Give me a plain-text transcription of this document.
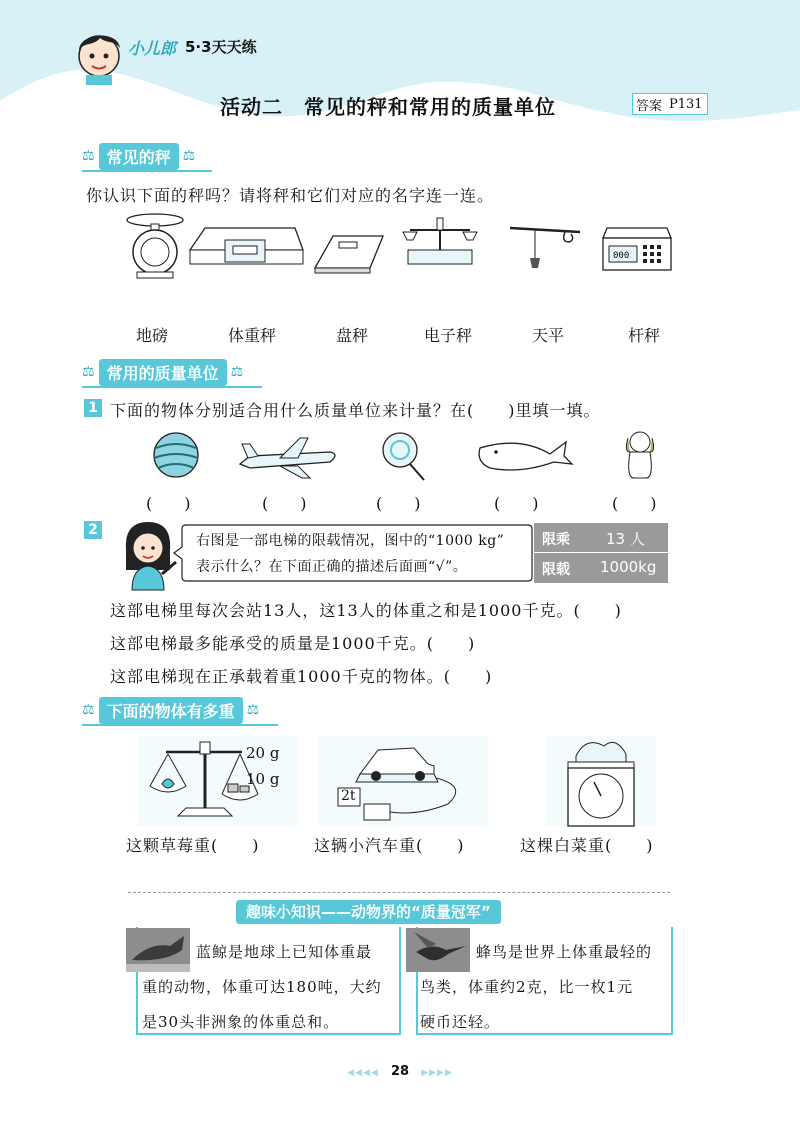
小儿郎 5·3天天练
活动二　常见的秤和常用的质量单位	答案 P131
⚖ 常见的秤 ⚖
你认识下面的秤吗？请将秤和它们对应的名字连一连。
000
地磅	体重秤	盘秤	电子秤	天平	杆秤
⚖ 常用的质量单位 ⚖
1 下面的物体分别适合用什么质量单位来计量？在(　　)里填一填。
(　　)	(　　)	(　　)	(　　)	(　　)
2
右图是一部电梯的限载情况，图中的“1000 kg”
表示什么？在下面正确的描述后面画“√”。
限乘 13 人
限载 1000kg
这部电梯里每次会站13人，这13人的体重之和是1000千克。(　　)
这部电梯最多能承受的质量是1000千克。(　　)
这部电梯现在正承载着重1000千克的物体。(　　)
⚖ 下面的物体有多重 ⚖
20 g
10 g
2t
这颗草莓重(　　)	这辆小汽车重(　　)	这棵白菜重(　　)
趣味小知识——动物界的“质量冠军”
蓝鲸是地球上已知体重最
重的动物，体重可达180吨，大约
是30头非洲象的体重总和。
蜂鸟是世界上体重最轻的
鸟类，体重约2克，比一枚1元
硬币还轻。
◀◀◀◀ 28 ▶▶▶▶
